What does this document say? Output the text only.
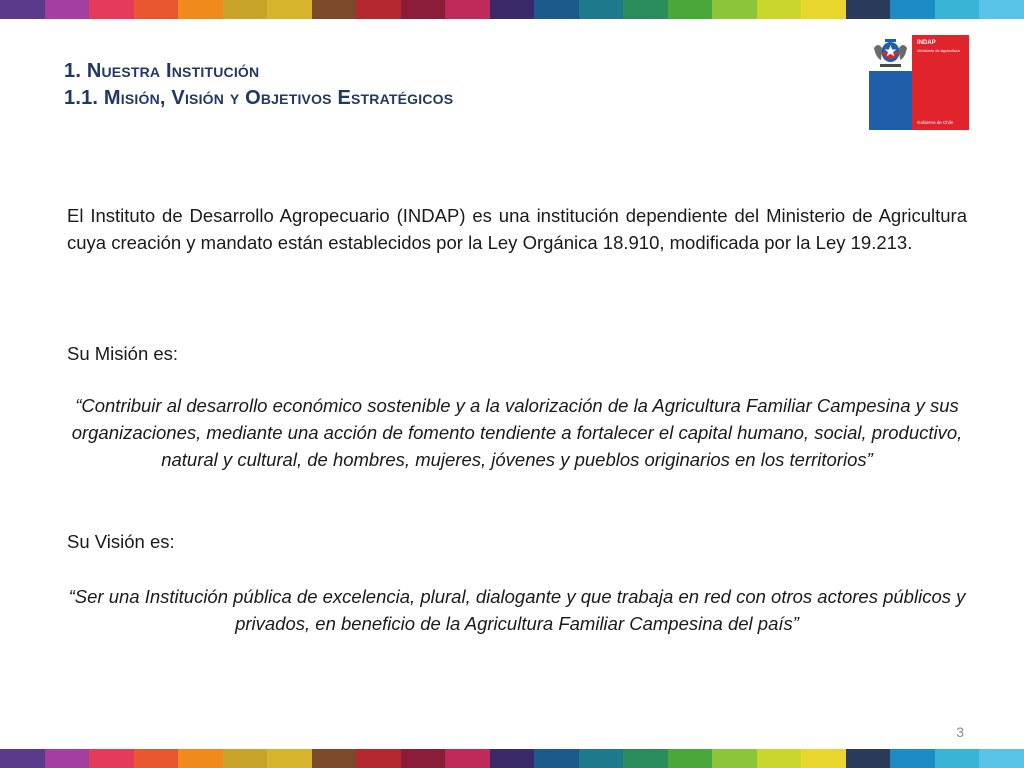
1. Nuestra Institución
1.1. Misión, Visión y Objetivos Estratégicos
INDAP
Ministerio de Agricultura
Gobierno de Chile
El Instituto de Desarrollo Agropecuario (INDAP) es una institución dependiente del Ministerio de Agricultura cuya creación y mandato están establecidos por la Ley Orgánica 18.910, modificada por la Ley 19.213.
Su Misión es:
“Contribuir al desarrollo económico sostenible y a la valorización de la Agricultura Familiar Campesina y sus organizaciones, mediante una acción de fomento tendiente a fortalecer el capital humano, social, productivo, natural y cultural, de hombres, mujeres, jóvenes y pueblos originarios en los territorios”
Su Visión es:
“Ser una Institución pública de excelencia, plural, dialogante y que trabaja en red con otros actores públicos y privados, en beneficio de la Agricultura Familiar Campesina del país”
3
